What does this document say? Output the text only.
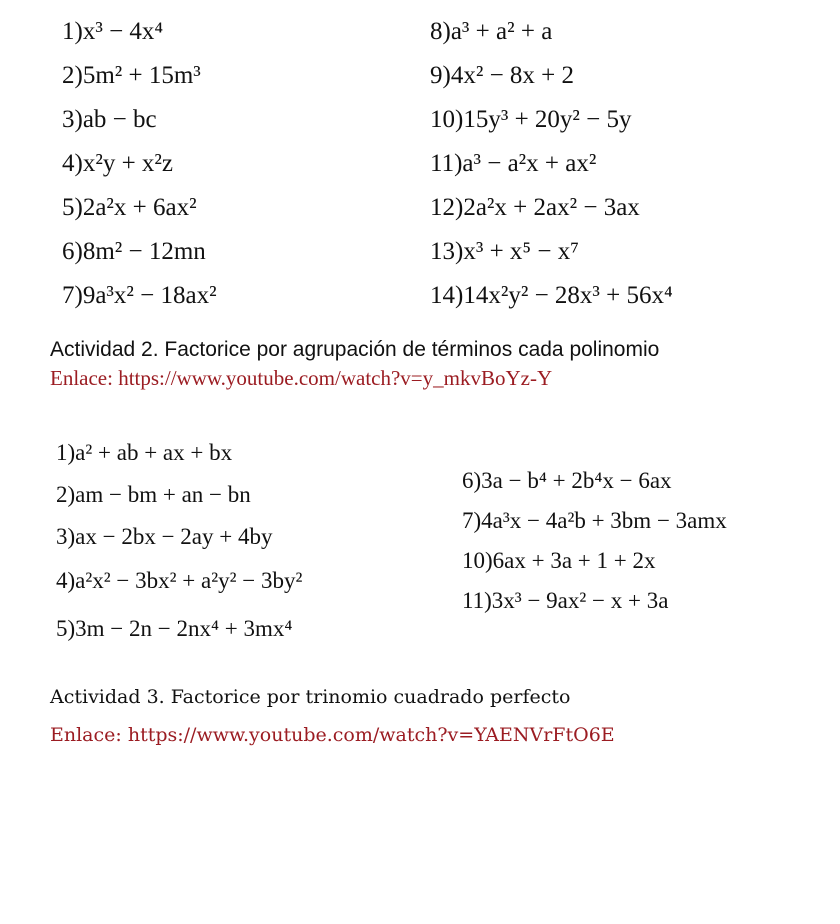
1)x³ − 4x⁴
2)5m² + 15m³
3)ab − bc
4)x²y + x²z
5)2a²x + 6ax²
6)8m² − 12mn
7)9a³x² − 18ax²
8)a³ + a² + a
9)4x² − 8x + 2
10)15y³ + 20y² − 5y
11)a³ − a²x + ax²
12)2a²x + 2ax² − 3ax
13)x³ + x⁵ − x⁷
14)14x²y² − 28x³ + 56x⁴
Actividad 2. Factorice por agrupación de términos cada polinomio
Enlace: https://www.youtube.com/watch?v=y_mkvBoYz-Y
1)a² + ab + ax + bx
2)am − bm + an − bn
3)ax − 2bx − 2ay + 4by
4)a²x² − 3bx² + a²y² − 3by²
5)3m − 2n − 2nx⁴ + 3mx⁴
6)3a − b⁴ + 2b⁴x − 6ax
7)4a³x − 4a²b + 3bm − 3amx
10)6ax + 3a + 1 + 2x
11)3x³ − 9ax² − x + 3a
Actividad 3. Factorice por trinomio cuadrado perfecto
Enlace: https://www.youtube.com/watch?v=YAENVrFtO6E
